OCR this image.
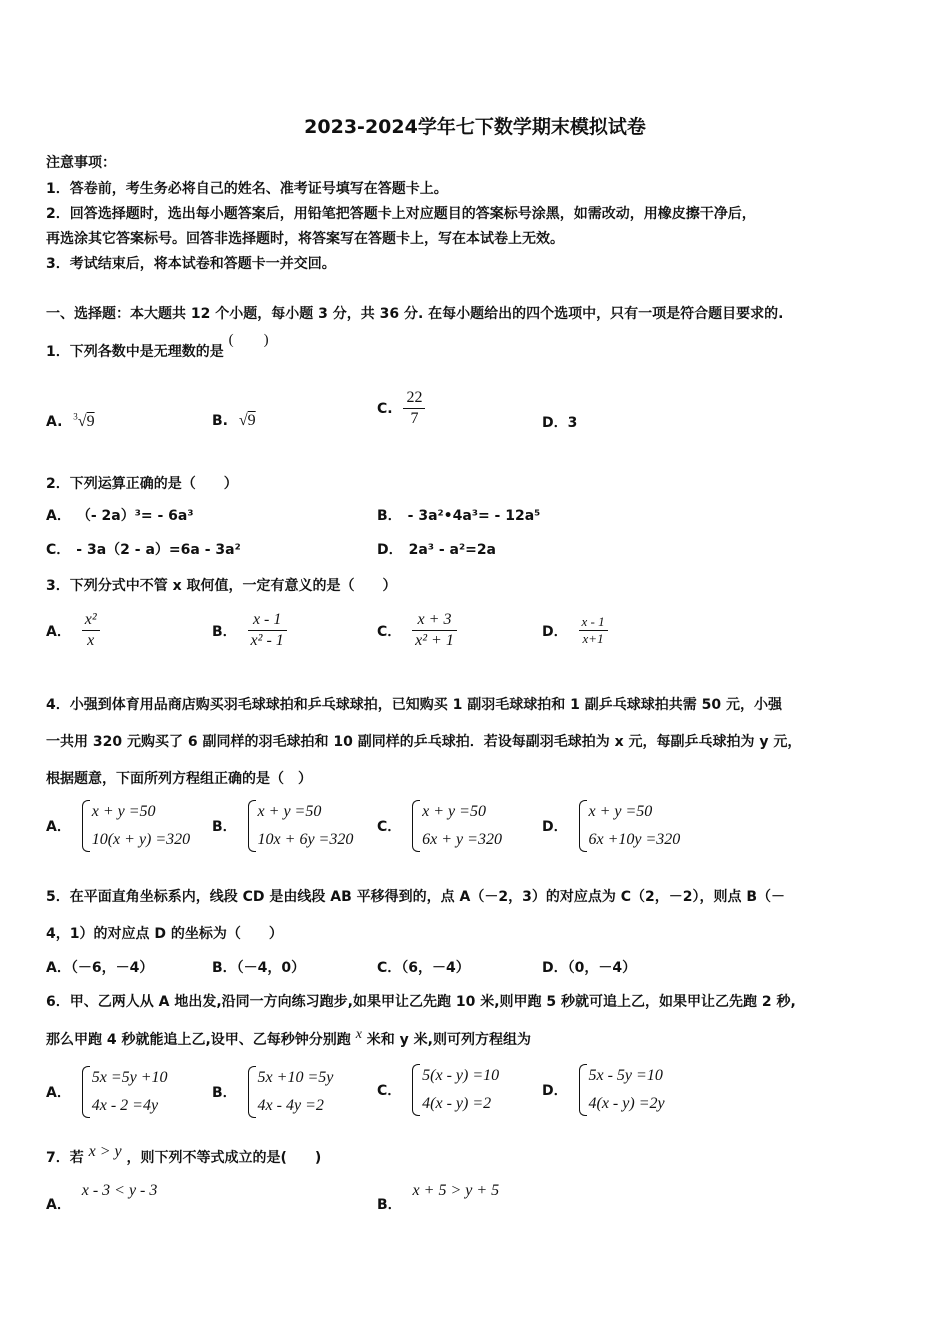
2023-2024学年七下数学期末模拟试卷
注意事项：
1．答卷前，考生务必将自己的姓名、准考证号填写在答题卡上。
2．回答选择题时，选出每小题答案后，用铅笔把答题卡上对应题目的答案标号涂黑，如需改动，用橡皮擦干净后，
再选涂其它答案标号。回答非选择题时，将答案写在答题卡上，写在本试卷上无效。
3．考试结束后，将本试卷和答题卡一并交回。
一、选择题：本大题共 12 个小题，每小题 3 分，共 36 分. 在每小题给出的四个选项中，只有一项是符合题目要求的.
1．下列各数中是无理数的是 (　　)
A. $^3$√9	B. √9
C. $\frac{22}{7}$	D．3
2．下列运算正确的是（　　）
A． （- 2a）³= - 6a³	B． - 3a²•4a³= - 12a⁵
C． - 3a（2 - a）=6a - 3a²	D． 2a³ - a²=2a
3．下列分式中不管 x 取何值，一定有意义的是（　　）
A． $\frac{\text{x²}}{x}$	B． $\frac{x - 1}{\text{x² - 1}}$	C． $\frac{x + 3}{\text{x² + 1}}$	D． $\frac{x - 1}{x+1}$
4．小强到体育用品商店购买羽毛球球拍和乒乓球球拍，已知购买 1 副羽毛球球拍和 1 副乒乓球球拍共需 50 元，小强
一共用 320 元购买了 6 副同样的羽毛球拍和 10 副同样的乒乓球拍．若设每副羽毛球拍为 x 元，每副乒乓球拍为 y 元，
根据题意，下面所列方程组正确的是（　）
A．
x + y =50
10(x + y) =320
B．
x + y =50
10x + 6y =320
C．
x + y =50
6x + y =320
D．
x + y =50
6x +10y =320
5．在平面直角坐标系内，线段 CD 是由线段 AB 平移得到的，点 A（－2，3）的对应点为 C（2，－2），则点 B（－
4，1）的对应点 D 的坐标为（　　）
A．（－6，－4）	B．（－4，0）	C．（6，－4）	D．（0，－4）
6．甲、乙两人从 A 地出发,沿同一方向练习跑步,如果甲让乙先跑 10 米,则甲跑 5 秒就可追上乙，如果甲让乙先跑 2 秒,
那么甲跑 4 秒就能追上乙,设甲、乙每秒钟分别跑 x 米和 y 米,则可列方程组为
A．
5x =5y +10
4x - 2 =4y
B．
5x +10 =5y
4x - 4y =2
C．
5(x - y) =10
4(x - y) =2
D．
5x - 5y =10
4(x - y) =2y
7．若 x > y ，则下列不等式成立的是(　　)
A． x - 3 < y - 3
B． x + 5 > y + 5
